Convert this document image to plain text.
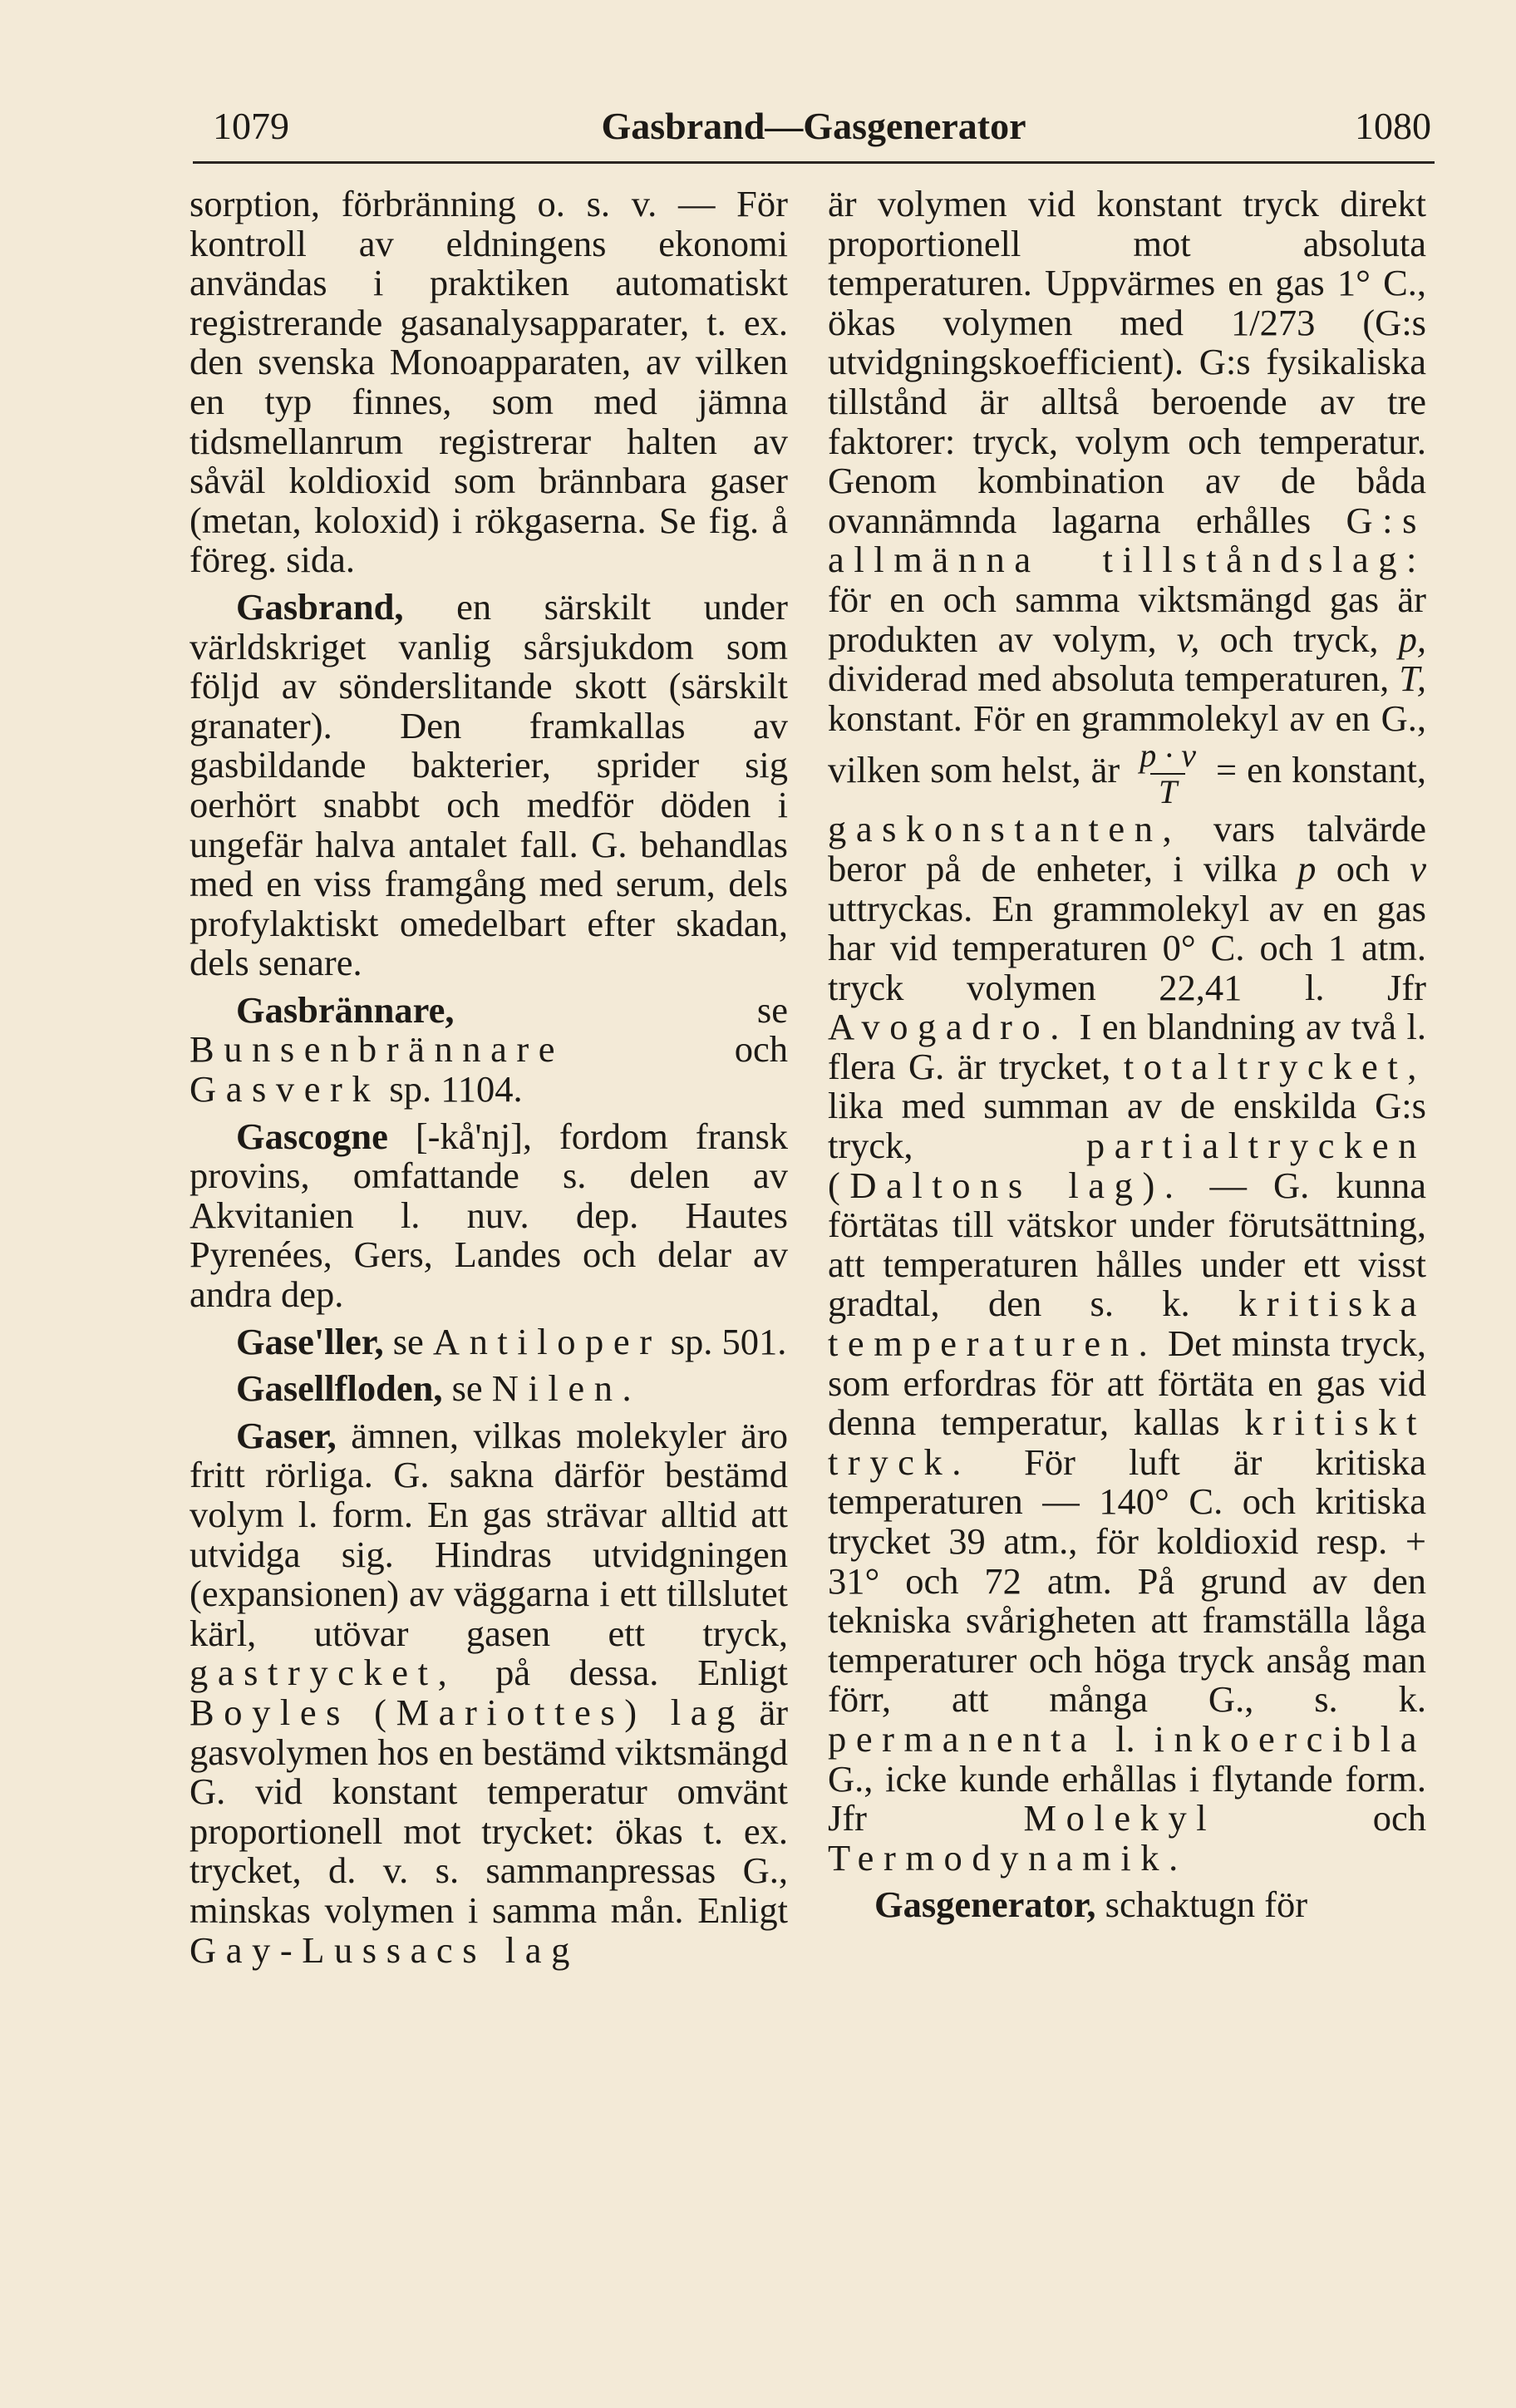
1079	Gasbrand—Gasgenerator	1080

sorption, förbränning o. s. v. — För kontroll av eldningens ekonomi användas i praktiken automatiskt registrerande gasanalysapparater, t. ex. den svenska Monoapparaten, av vilken en typ finnes, som med jämna tidsmellanrum registrerar halten av såväl koldioxid som brännbara gaser (metan, koloxid) i rökgaserna. Se fig. å föreg. sida.

Gasbrand, en särskilt under världskriget vanlig sårsjukdom som följd av sönderslitande skott (särskilt granater). Den framkallas av gasbildande bakterier, sprider sig oerhört snabbt och medför döden i ungefär halva antalet fall. G. behandlas med en viss framgång med serum, dels profylaktiskt omedelbart efter skadan, dels senare.

Gasbrännare,	se Bunsenbrännare	och Gasverk sp. 1104.

Gascogne [-kå'nj], fordom fransk provins, omfattande s. delen av Akvitanien l. nuv. dep. Hautes Pyrenées, Gers, Landes och delar av andra dep.

Gase'ller, se Antiloper sp. 501.

Gasellfloden, se Nilen.

Gaser, ämnen, vilkas molekyler äro fritt rörliga. G. sakna därför bestämd volym l. form. En gas strävar alltid att utvidga sig. Hindras utvidgningen (expansionen) av väggarna i ett tillslutet kärl, utövar gasen ett tryck, gastrycket, på dessa. Enligt Boyles (Mariottes) lag är gasvolymen hos en bestämd viktsmängd G. vid konstant temperatur omvänt proportionell mot trycket: ökas t. ex. trycket, d. v. s. sammanpressas G., minskas volymen i samma mån. Enligt Gay-Lussacs lag

är volymen vid konstant tryck direkt proportionell mot absoluta temperaturen. Uppvärmes en gas 1° C., ökas volymen med 1/273 (G:s utvidgningskoefficient). G:s fysikaliska tillstånd är alltså beroende av tre faktorer: tryck, volym och temperatur. Genom kombination av de båda ovannämnda lagarna erhålles G:s allmänna tillståndslag: för en och samma viktsmängd gas är produkten av volym, v, och tryck, p, dividerad med absoluta temperaturen, T, konstant. För en grammolekyl av en G., vilken som helst, är $\frac{p \cdot v}{T}$ = en konstant, gaskonstanten, vars talvärde beror på de enheter, i vilka p och v uttryckas. En grammolekyl av en gas har vid temperaturen 0° C. och 1 atm. tryck volymen 22,41 l. Jfr Avogadro. I en blandning av två l. flera G. är trycket, totaltrycket, lika med summan av de enskilda G:s tryck,	partialtrycken (Daltons lag). — G. kunna förtätas till vätskor under förutsättning, att temperaturen hålles under ett visst gradtal, den s. k. kritiska temperaturen. Det minsta tryck, som erfordras för att förtäta en gas vid denna temperatur, kallas kritiskt tryck. För luft är kritiska temperaturen — 140° C. och kritiska trycket 39 atm., för koldioxid resp. + 31° och 72 atm. På grund av den tekniska svårigheten att framställa låga temperaturer och höga tryck ansåg man förr, att många G., s. k. permanenta l. inkoercibla G., icke kunde erhållas i flytande form. Jfr	Molekyl	och Termodynamik.

Gasgenerator, schaktugn för
